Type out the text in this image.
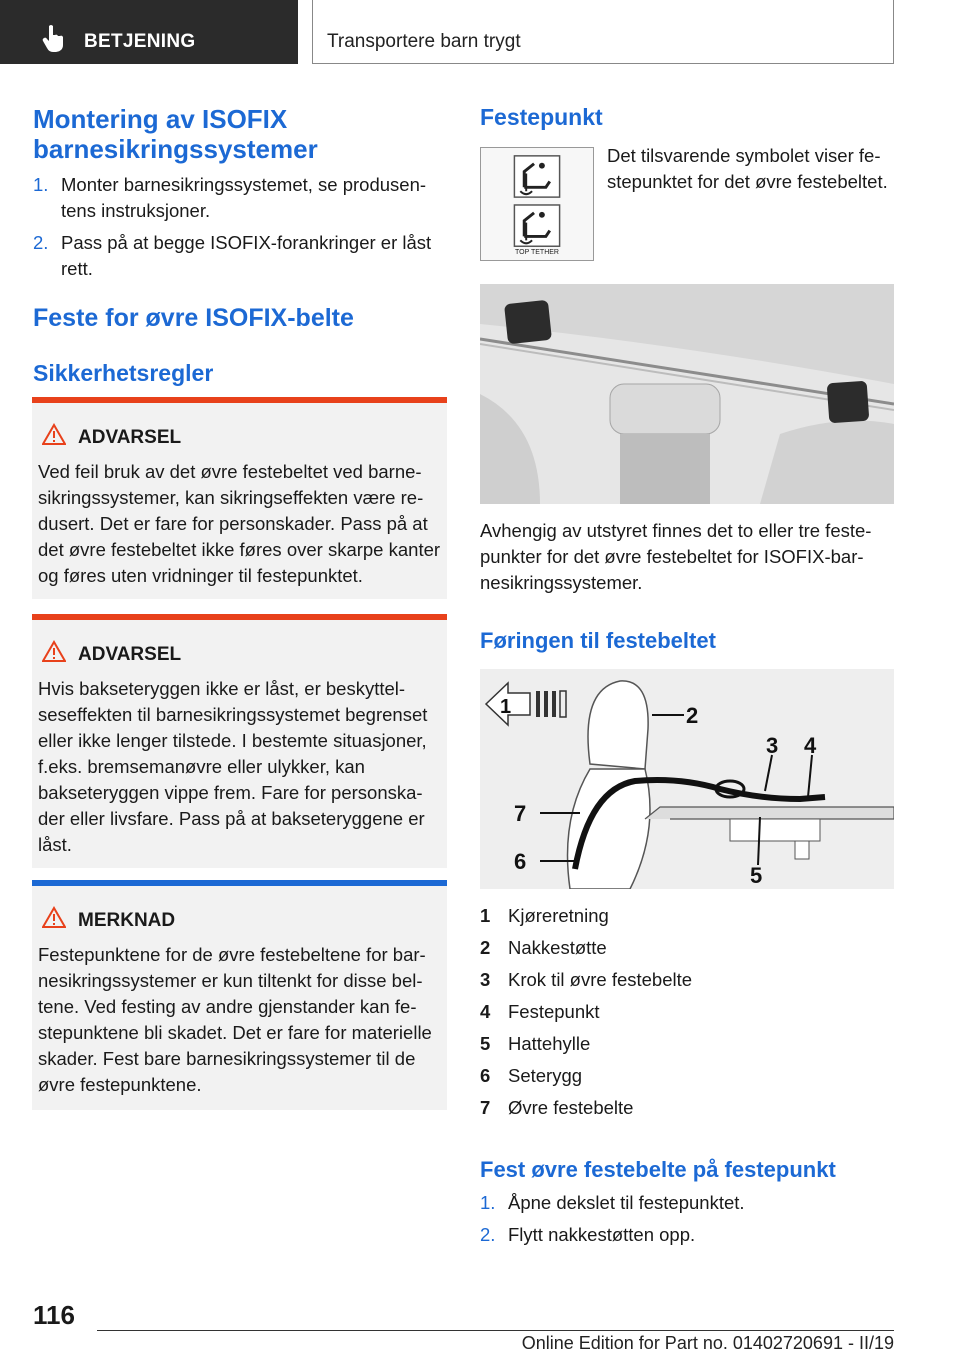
BETJENING	Transportere barn trygt
Montering av ISOFIX barnesikringssystemer
1. Monter barnesikringssystemet, se produsentens instruksjoner.
2. Pass på at begge ISOFIX-forankringer er låst rett.
Feste for øvre ISOFIX-belte
Sikkerhetsregler
ADVARSEL
Ved feil bruk av det øvre festebeltet ved barnesikringssystemer, kan sikringseffekten være redusert. Det er fare for personskader. Pass på at det øvre festebeltet ikke føres over skarpe kanter og føres uten vridninger til festepunktet.
ADVARSEL
Hvis bakseteryggen ikke er låst, er beskyttelseseffekten til barnesikringssystemet begrenset eller ikke lenger tilstede. I bestemte situasjoner, f.eks. bremsemanøvre eller ulykker, kan bakseteryggen vippe frem. Fare for personskader eller livsfare. Pass på at bakseteryggene er låst.
MERKNAD
Festepunktene for de øvre festebeltene for barnesikringssystemer er kun tiltenkt for disse beltene. Ved festing av andre gjenstander kan festepunktene bli skadet. Det er fare for materielle skader. Fest bare barnesikringssystemer til de øvre festepunktene.
Festepunkt
TOP TETHER
Det tilsvarende symbolet viser festepunktet for det øvre festebeltet.
Avhengig av utstyret finnes det to eller tre festepunkter for det øvre festebeltet for ISOFIX-barnesikringssystemer.
Føringen til festebeltet
1	2
3 4
5
6
7
1 Kjøreretning
2 Nakkestøtte
3 Krok til øvre festebelte
4 Festepunkt
5 Hattehylle
6 Seterygg
7 Øvre festebelte
Fest øvre festebelte på festepunkt
1. Åpne dekslet til festepunktet.
2. Flytt nakkestøtten opp.
116
Online Edition for Part no. 01402720691 - II/19
